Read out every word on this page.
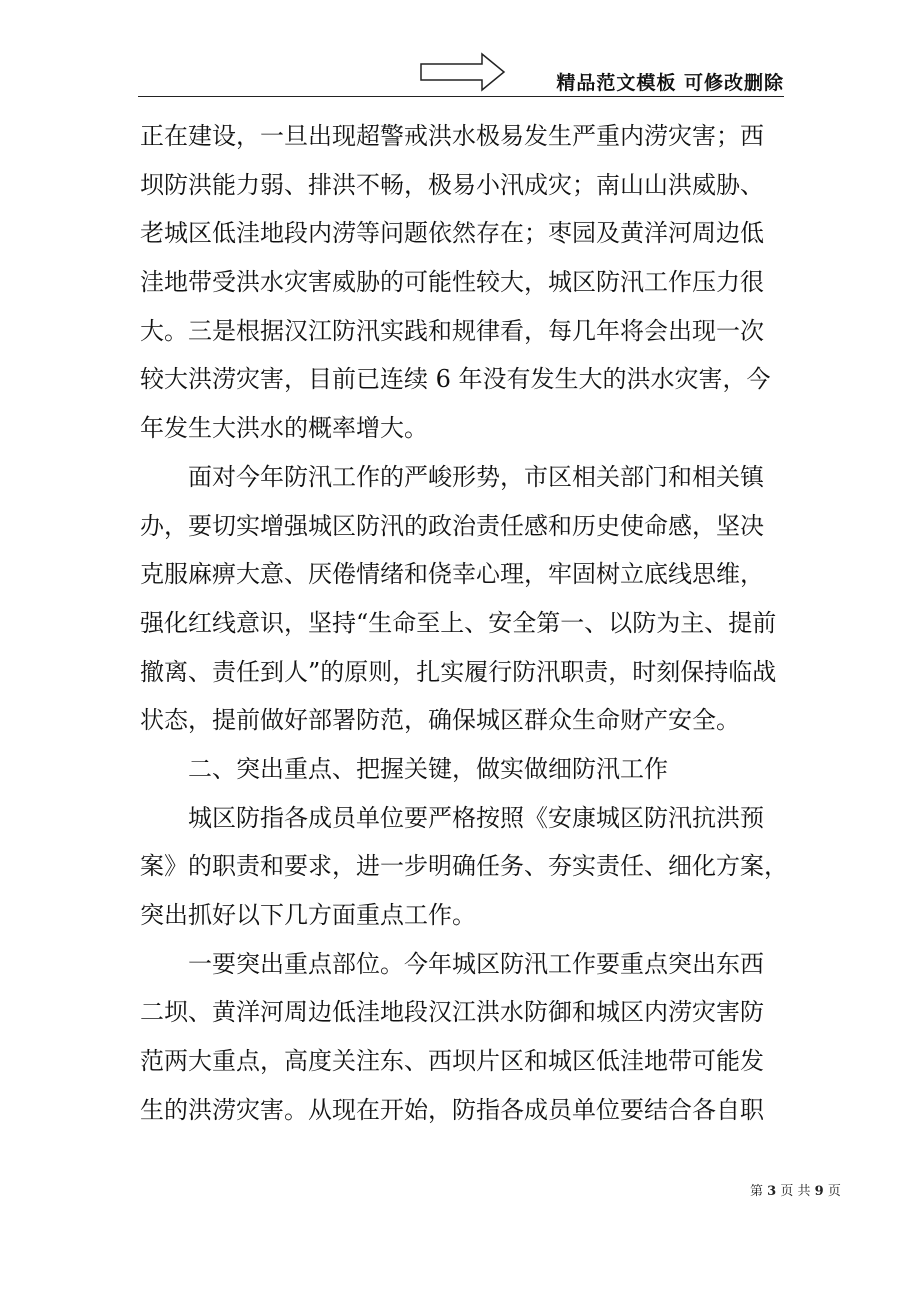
精品范文模板 可修改删除
正在建设，一旦出现超警戒洪水极易发生严重内涝灾害；西
坝防洪能力弱、排洪不畅，极易小汛成灾；南山山洪威胁、
老城区低洼地段内涝等问题依然存在；枣园及黄洋河周边低
洼地带受洪水灾害威胁的可能性较大，城区防汛工作压力很
大。三是根据汉江防汛实践和规律看，每几年将会出现一次
较大洪涝灾害，目前已连续 6 年没有发生大的洪水灾害，今
年发生大洪水的概率增大。
面对今年防汛工作的严峻形势，市区相关部门和相关镇
办，要切实增强城区防汛的政治责任感和历史使命感，坚决
克服麻痹大意、厌倦情绪和侥幸心理，牢固树立底线思维，
强化红线意识，坚持“生命至上、安全第一、以防为主、提前
撤离、责任到人”的原则，扎实履行防汛职责，时刻保持临战
状态，提前做好部署防范，确保城区群众生命财产安全。
二、突出重点、把握关键，做实做细防汛工作
城区防指各成员单位要严格按照《安康城区防汛抗洪预
案》的职责和要求，进一步明确任务、夯实责任、细化方案，
突出抓好以下几方面重点工作。
一要突出重点部位。今年城区防汛工作要重点突出东西
二坝、黄洋河周边低洼地段汉江洪水防御和城区内涝灾害防
范两大重点，高度关注东、西坝片区和城区低洼地带可能发
生的洪涝灾害。从现在开始，防指各成员单位要结合各自职
第 3 页 共 9 页
